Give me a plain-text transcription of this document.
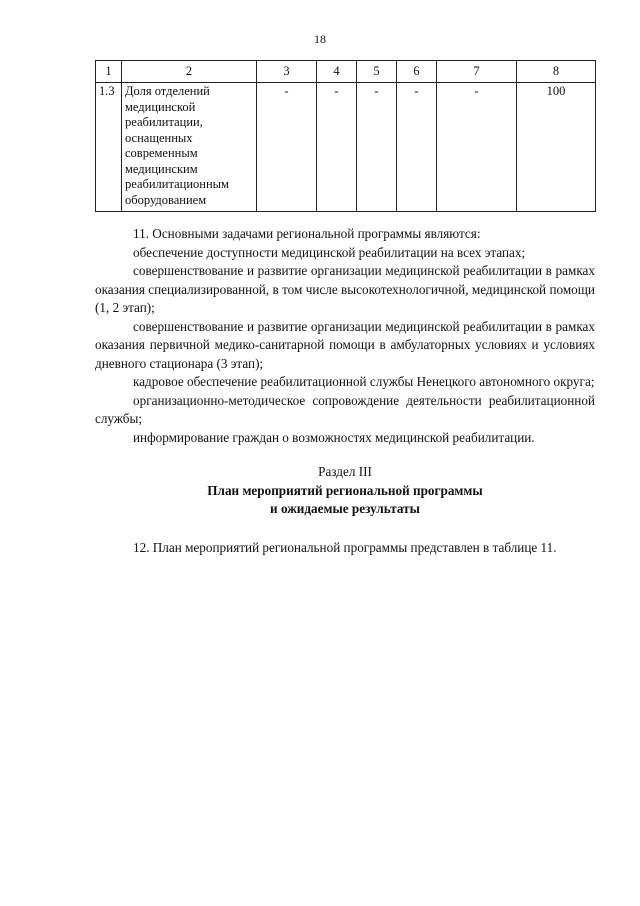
18
1	2	3	4	5	6	7	8
1.3	Доля отделений медицинской реабилитации, оснащенных современным медицинским реабилитационным оборудованием	-	-	-	-	-	100

11. Основными задачами региональной программы являются:

обеспечение доступности медицинской реабилитации на всех этапах;

совершенствование и развитие организации медицинской реабилитации в рамках оказания специализированной, в том числе высокотехнологичной, медицинской помощи (1, 2 этап);

совершенствование и развитие организации медицинской реабилитации в рамках оказания первичной медико-санитарной помощи в амбулаторных условиях и условиях дневного стационара (3 этап);

кадровое обеспечение реабилитационной службы Ненецкого автономного округа;

организационно-методическое сопровождение деятельности реабилитационной службы;

информирование граждан о возможностях медицинской реабилитации.

Раздел III
План мероприятий региональной программы
и ожидаемые результаты

12. План мероприятий региональной программы представлен в таблице 11.
